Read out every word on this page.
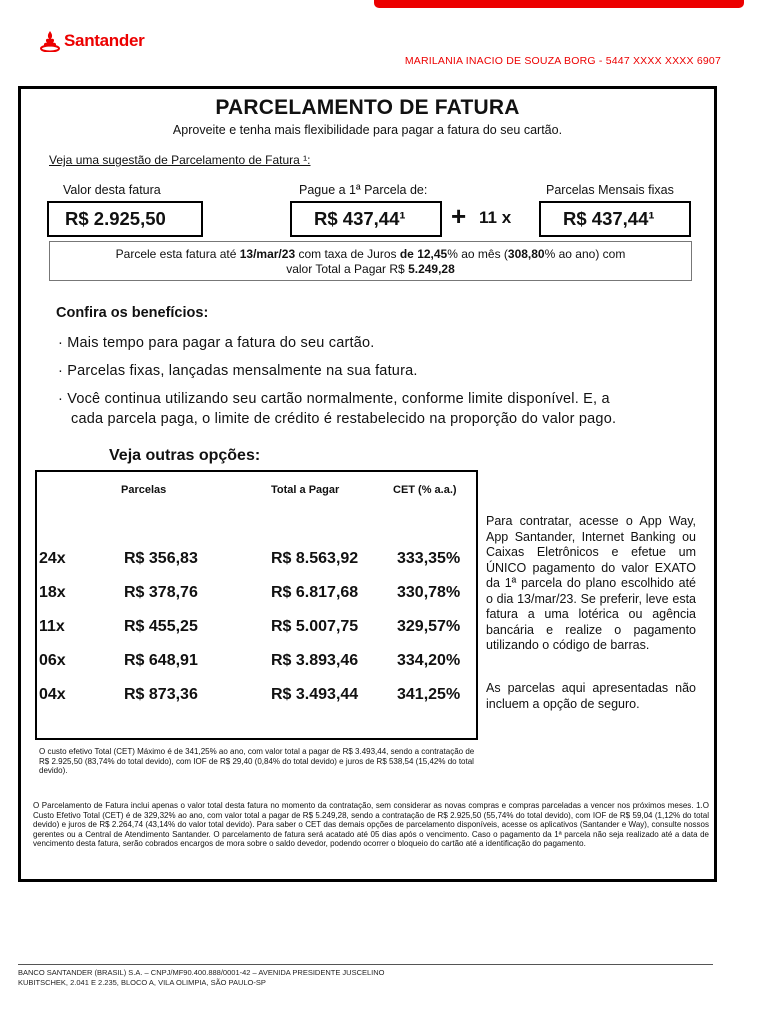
Santander
MARILANIA INACIO DE SOUZA BORG - 5447 XXXX XXXX 6907
PARCELAMENTO DE FATURA
Aproveite e tenha mais flexibilidade para pagar a fatura do seu cartão.
Veja uma sugestão de Parcelamento de Fatura ¹:
Valor desta fatura	Pague a 1ª Parcela de:	Parcelas Mensais fixas
R$ 2.925,50	R$ 437,44¹	+ 11 x	R$ 437,44¹
Parcele esta fatura até 13/mar/23 com taxa de Juros de 12,45% ao mês (308,80% ao ano) com
valor Total a Pagar R$ 5.249,28
Confira os benefícios:
· Mais tempo para pagar a fatura do seu cartão.
· Parcelas fixas, lançadas mensalmente na sua fatura.
· Você continua utilizando seu cartão normalmente, conforme limite disponível. E, a
cada parcela paga, o limite de crédito é restabelecido na proporção do valor pago.
Veja outras opções:
Parcelas	Total a Pagar	CET (% a.a.)
24x	R$ 356,83	R$ 8.563,92 333,35%
18x	R$ 378,76	R$ 6.817,68 330,78%
11x	R$ 455,25	R$ 5.007,75 329,57%
06x	R$ 648,91	R$ 3.893,46 334,20%
04x	R$ 873,36	R$ 3.493,44 341,25%
O custo efetivo Total (CET) Máximo é de 341,25% ao ano, com valor total a pagar de R$ 3.493,44, sendo a contratação de R$ 2.925,50 (83,74% do total devido), com IOF de R$ 29,40 (0,84% do total devido) e juros de R$ 538,54 (15,42% do total devido).
Para contratar, acesse o App Way, App Santander, Internet Banking ou Caixas Eletrônicos e efetue um ÚNICO pagamento do valor EXATO da 1ª parcela do plano escolhido até o dia 13/mar/23. Se preferir, leve esta fatura a uma lotérica ou agência bancária e realize o pagamento utilizando o código de barras.
As parcelas aqui apresentadas não incluem a opção de seguro.
O Parcelamento de Fatura inclui apenas o valor total desta fatura no momento da contratação, sem considerar as novas compras e compras parceladas a vencer nos próximos meses. 1.O Custo Efetivo Total (CET) é de 329,32% ao ano, com valor total a pagar de R$ 5.249,28, sendo a contratação de R$ 2.925,50 (55,74% do total devido), com IOF de R$ 59,04 (1,12% do total devido) e juros de R$ 2.264,74 (43,14% do valor total devido). Para saber o CET das demais opções de parcelamento disponíveis, acesse os aplicativos (Santander e Way), consulte nossos gerentes ou a Central de Atendimento Santander. O parcelamento de fatura será acatado até 05 dias após o vencimento. Caso o pagamento da 1ª parcela não seja realizado até a data de vencimento desta fatura, serão cobrados encargos de mora sobre o saldo devedor, podendo ocorrer o bloqueio do cartão até a identificação do pagamento.
BANCO SANTANDER (BRASIL) S.A. – CNPJ/MF90.400.888/0001-42 – AVENIDA PRESIDENTE JUSCELINO
KUBITSCHEK, 2.041 E 2.235, BLOCO A, VILA OLIMPIA, SÃO PAULO-SP
